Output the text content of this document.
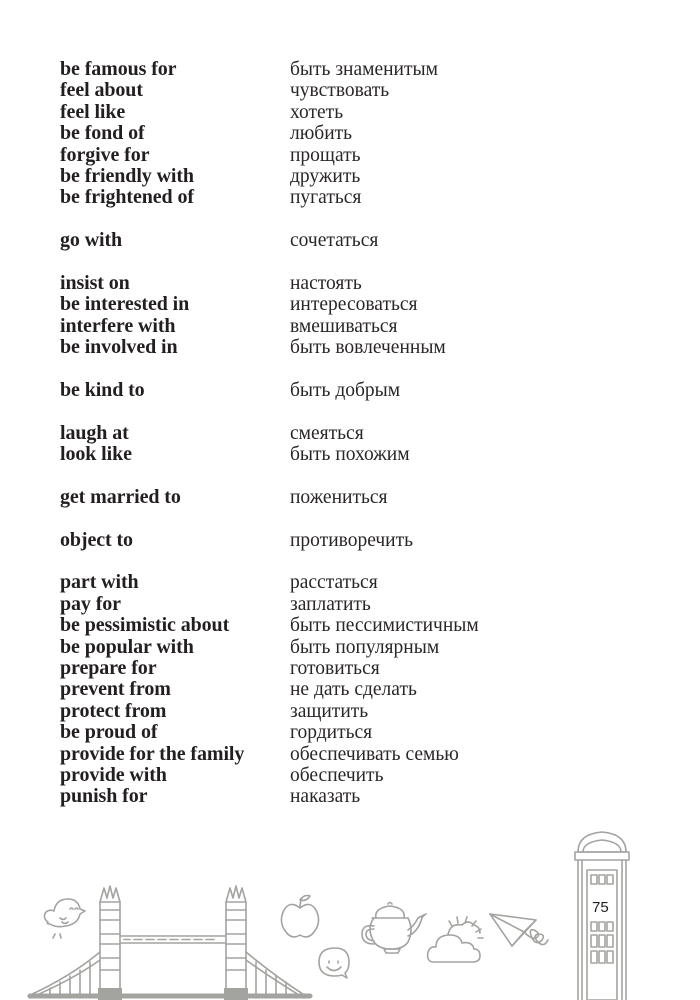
be famous for	быть знаменитым
feel about	чувствовать
feel like	хотеть
be fond of	любить
forgive for	прощать
be friendly with	дружить
be frightened of	пугаться
go with	сочетаться
insist on	настоять
be interested in	интересоваться
interfere with	вмешиваться
be involved in	быть вовлеченным
be kind to	быть добрым
laugh at	смеяться
look like	быть похожим
get married to	пожениться
object to	противоречить
part with	расстаться
pay for	заплатить
be pessimistic about	быть пессимистичным
be popular with	быть популярным
prepare for	готовиться
prevent from	не дать сделать
protect from	защитить
be proud of	гордиться
provide for the family	обеспечивать семью
provide with	обеспечить
punish for	наказать
75
